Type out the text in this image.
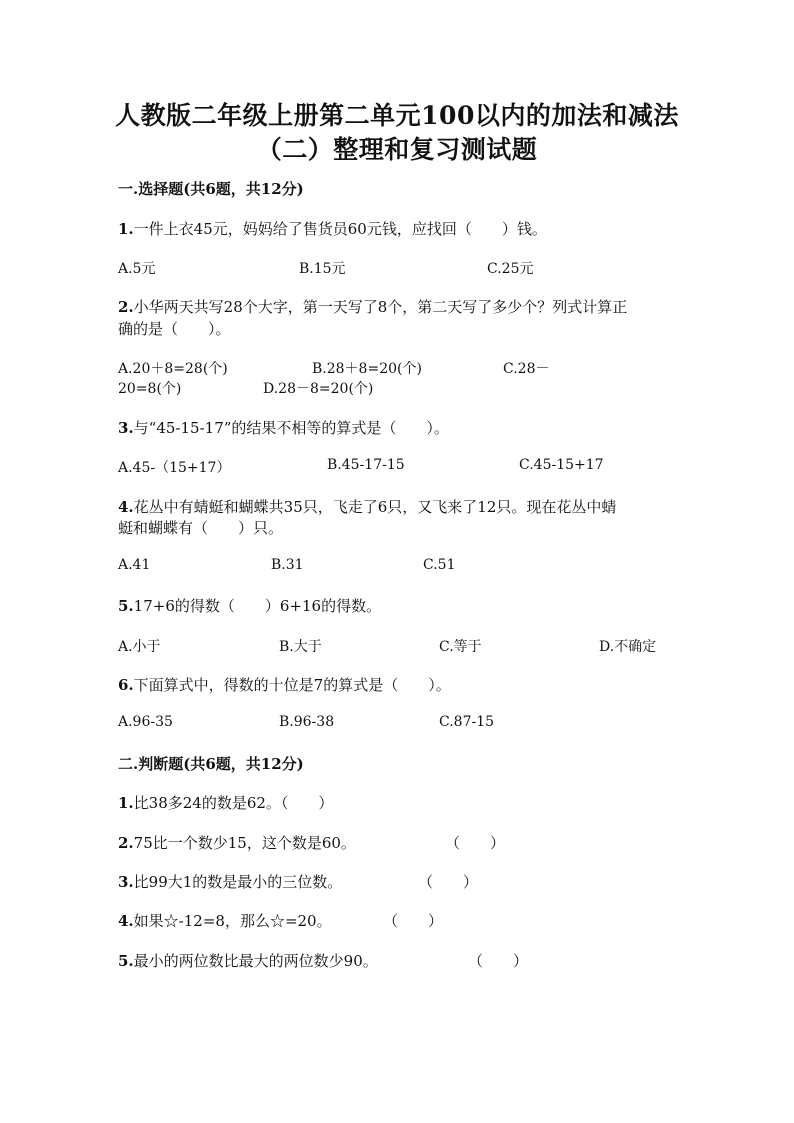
人教版二年级上册第二单元100以内的加法和减法
（二）整理和复习测试题
一.选择题(共6题，共12分)
1.一件上衣45元，妈妈给了售货员60元钱，应找回（　　）钱。
A.5元	B.15元	C.25元
2.小华两天共写28个大字，第一天写了8个，第二天写了多少个？列式计算正
确的是（　　）。
A.20＋8=28(个)	B.28＋8=20(个)	C.28－
20=8(个)	D.28－8=20(个)
3.与“45-15-17”的结果不相等的算式是（　　）。
A.45-（15+17）	B.45-17-15	C.45-15+17
4.花丛中有蜻蜓和蝴蝶共35只，飞走了6只，又飞来了12只。现在花丛中蜻
蜓和蝴蝶有（　　）只。
A.41	B.31	C.51
5.17+6的得数（　　）6+16的得数。
A.小于	B.大于	C.等于	D.不确定
6.下面算式中，得数的十位是7的算式是（　　）。
A.96-35	B.96-38	C.87-15
二.判断题(共6题，共12分)
1.比38多24的数是62。（　　）
2.75比一个数少15，这个数是60。	（　　）
3.比99大1的数是最小的三位数。	（　　）
4.如果☆-12=8，那么☆=20。	（　　）
5.最小的两位数比最大的两位数少90。	（　　）
